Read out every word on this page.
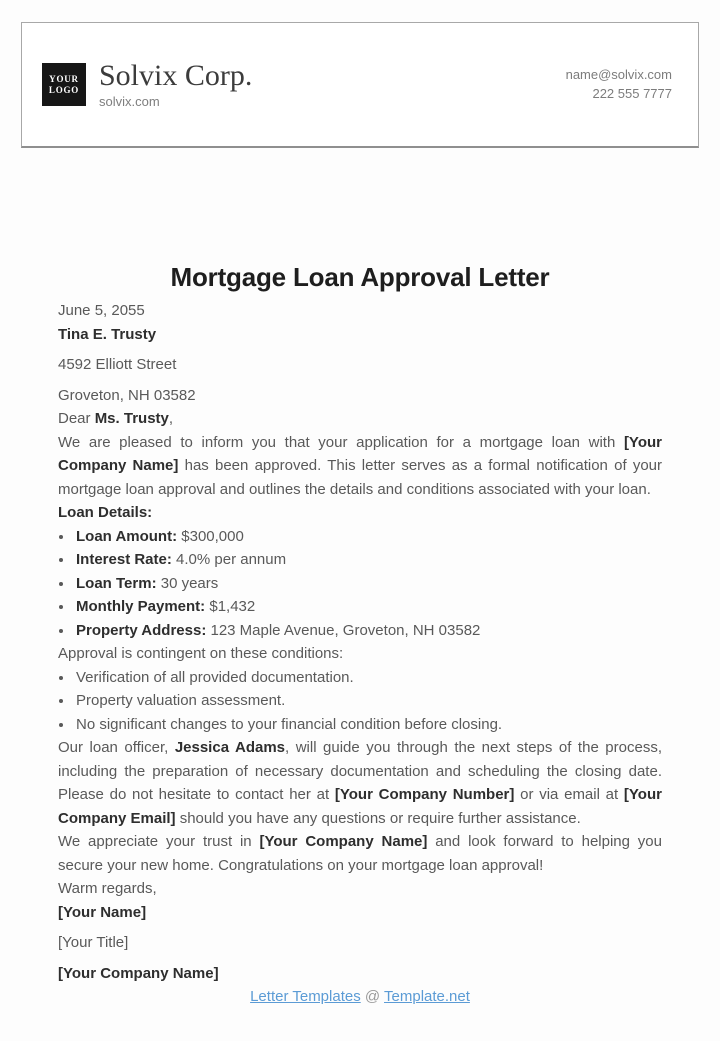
YOUR
LOGO Solvix Corp.
solvix.com
name@solvix.com
222 555 7777
Mortgage Loan Approval Letter

June 5, 2055

Tina E. Trusty

4592 Elliott Street

Groveton, NH 03582

Dear Ms. Trusty,

We are pleased to inform you that your application for a mortgage loan with [Your Company Name] has been approved. This letter serves as a formal notification of your mortgage loan approval and outlines the details and conditions associated with your loan.

Loan Details:

• Loan Amount: $300,000
• Interest Rate: 4.0% per annum
• Loan Term: 30 years
• Monthly Payment: $1,432
• Property Address: 123 Maple Avenue, Groveton, NH 03582

Approval is contingent on these conditions:

• Verification of all provided documentation.
• Property valuation assessment.
• No significant changes to your financial condition before closing.

Our loan officer, Jessica Adams, will guide you through the next steps of the process, including the preparation of necessary documentation and scheduling the closing date. Please do not hesitate to contact her at [Your Company Number] or via email at [Your Company Email] should you have any questions or require further assistance.

We appreciate your trust in [Your Company Name] and look forward to helping you secure your new home. Congratulations on your mortgage loan approval!

Warm regards,

[Your Name]

[Your Title]

[Your Company Name]

Letter Templates @ Template.net
